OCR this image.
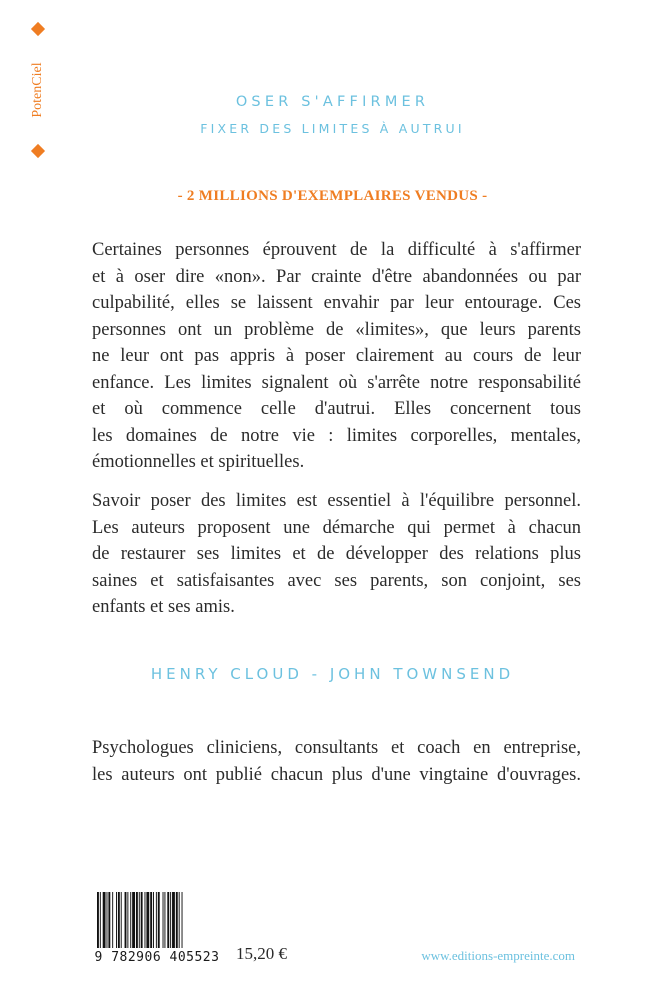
PotenCiel	OSER S'AFFIRMER
FIXER DES LIMITES À AUTRUI
- 2 MILLIONS D'EXEMPLAIRES VENDUS -
Certaines personnes éprouvent de la difficulté à s'affirmer
et à oser dire «non». Par crainte d'être abandonnées ou par
culpabilité, elles se laissent envahir par leur entourage. Ces
personnes ont un problème de «limites», que leurs parents
ne leur ont pas appris à poser clairement au cours de leur
enfance. Les limites signalent où s'arrête notre responsabilité
et où commence celle d'autrui. Elles concernent tous
les domaines de notre vie : limites corporelles, mentales,
émotionnelles et spirituelles.
Savoir poser des limites est essentiel à l'équilibre personnel.
Les auteurs proposent une démarche qui permet à chacun
de restaurer ses limites et de développer des relations plus
saines et satisfaisantes avec ses parents, son conjoint, ses
enfants et ses amis.
HENRY CLOUD - JOHN TOWNSEND
Psychologues cliniciens, consultants et coach en entreprise,
les auteurs ont publié chacun plus d'une vingtaine d'ouvrages.
9 782906 405523 15,20 €	www.editions-empreinte.com
